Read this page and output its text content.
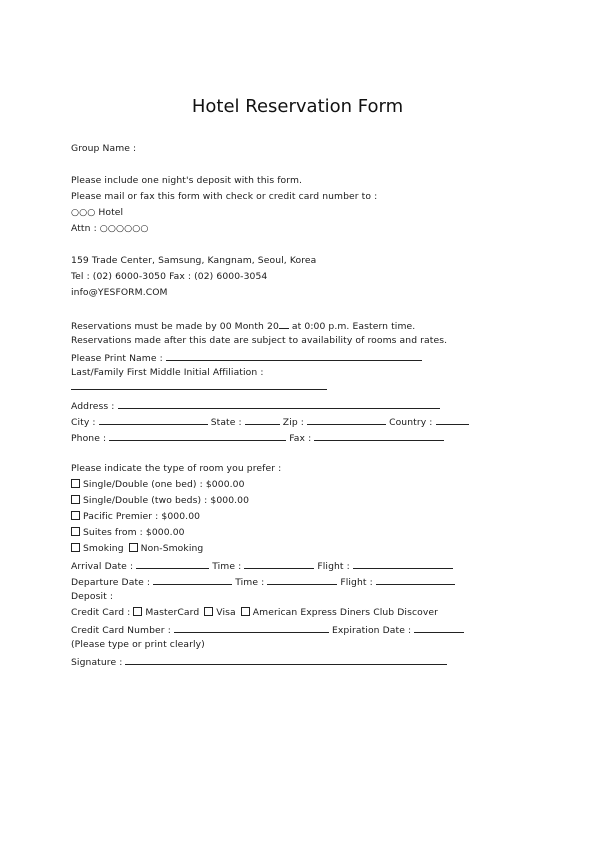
Hotel Reservation Form
Group Name :
Please include one night's deposit with this form.
Please mail or fax this form with check or credit card number to :
○○○ Hotel
Attn : ○○○○○○
159 Trade Center, Samsung, Kangnam, Seoul, Korea
Tel : (02) 6000-3050 Fax : (02) 6000-3054
info@YESFORM.COM
Reservations must be made by 00 Month 20 at 0:00 p.m. Eastern time.
Reservations made after this date are subject to availability of rooms and rates.
Please Print Name :
Last/Family First Middle Initial Affiliation :
Address :
City :	State :	Zip :	Country :
Phone :	Fax :
Please indicate the type of room you prefer :
Single/Double (one bed) : $000.00
Single/Double (two beds) : $000.00
Pacific Premier : $000.00
Suites from : $000.00
Smoking Non-Smoking
Arrival Date :	Time :	Flight :
Departure Date :	Time :	Flight :
Deposit :
Credit Card : MasterCard Visa American Express Diners Club Discover
Credit Card Number :	Expiration Date :
(Please type or print clearly)
Signature :
